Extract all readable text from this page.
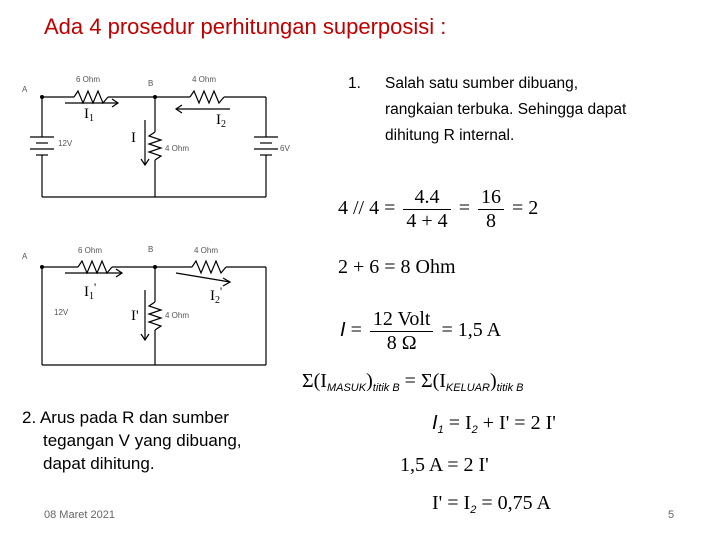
Ada 4 prosedur perhitungan superposisi :
A
B
6 Ohm	4 Ohm
4 Ohm
12V
6V
$I_1$	$I_2$
I
A
B
6 Ohm	4 Ohm
4 Ohm
12V
$I_1'$
$I_2'$
I'
1. Salah satu sumber dibuang, rangkaian terbuka. Sehingga dapat dihitung R internal.
$4 // 4 = \frac{4.4}{4 + 4} = \frac{16}{8} = 2$
2 + 6 = 8 Ohm
$I = \frac{\text{12 Volt}}{8 \Omega} = 1,5$ A
$\Sigma(I_{MASUK})_{titik B} = \Sigma(I_{KELUAR})_{titik B}$
$I_1 = I_2 + I' = 2$ I'
1,5 A = 2 I'
$I' = I_2 = 0,75$ A
2. Arus pada R dan sumber
tegangan V yang dibuang,
dapat dihitung.
08 Maret 2021	5
